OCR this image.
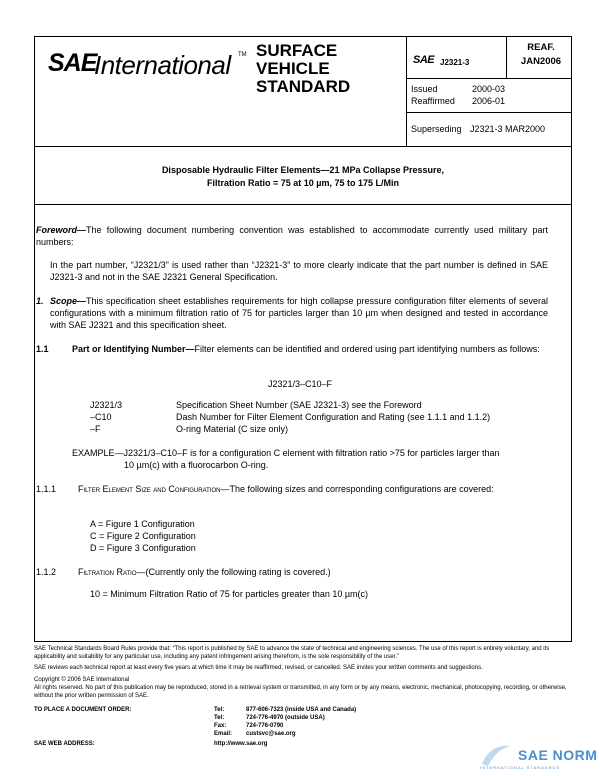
SAE
International TM SURFACE
VEHICLE
STANDARD
SAE J2321-3
REAF.
JAN2006
Issued	2000-03
Reaffirmed 2006-01
Superseding J2321-3 MAR2000
Disposable Hydraulic Filter Elements—21 MPa Collapse Pressure,
Filtration Ratio = 75 at 10 µm, 75 to 175 L/Min
Foreword—The following document numbering convention was established to accommodate currently used military part numbers:
In the part number, “J2321/3” is used rather than “J2321-3” to more clearly indicate that the part number is defined in SAE J2321-3 and not in the SAE J2321 General Specification.
1. Scope—This specification sheet establishes requirements for high collapse pressure configuration filter elements of several configurations with a minimum filtration ratio of 75 for particles larger than 10 µm when designed and tested in accordance with SAE J2321 and this specification sheet.
1.1	Part or Identifying Number—Filter elements can be identified and ordered using part identifying numbers as follows:
J2321/3–C10–F
J2321/3	Specification Sheet Number (SAE J2321-3) see the Foreword
–C10	Dash Number for Filter Element Configuration and Rating (see 1.1.1 and 1.1.2)
–F	O-ring Material (C size only)
EXAMPLE—J2321/3–C10–F is for a configuration C element with filtration ratio >75 for particles larger than
10 µm(c) with a fluorocarbon O-ring.
1.1.1 Filter Element Size and Configuration—The following sizes and corresponding configurations are covered:
A = Figure 1 Configuration
C = Figure 2 Configuration
D = Figure 3 Configuration
1.1.2 Filtration Ratio—(Currently only the following rating is covered.)
10 = Minimum Filtration Ratio of 75 for particles greater than 10 µm(c)
SAE Technical Standards Board Rules provide that: “This report is published by SAE to advance the state of technical and engineering sciences. The use of this report is entirely voluntary, and its applicability and suitability for any particular use, including any patent infringement arising therefrom, is the sole responsibility of the user.”
SAE reviews each technical report at least every five years at which time it may be reaffirmed, revised, or cancelled. SAE invites your written comments and suggestions.
Copyright © 2006 SAE International
All rights reserved. No part of this publication may be reproduced, stored in a retrieval system or transmitted, in any form or by any means, electronic, mechanical, photocopying, recording, or otherwise, without the prior written permission of SAE.
TO PLACE A DOCUMENT ORDER:	Tel:	877-606-7323 (inside USA and Canada)
Tel:	724-776-4970 (outside USA)
Fax:	724-776-0790
Email: custsvc@sae.org
SAE WEB ADDRESS:	http://www.sae.org
SAE NORM
INTERNATIONAL STANDARDS
